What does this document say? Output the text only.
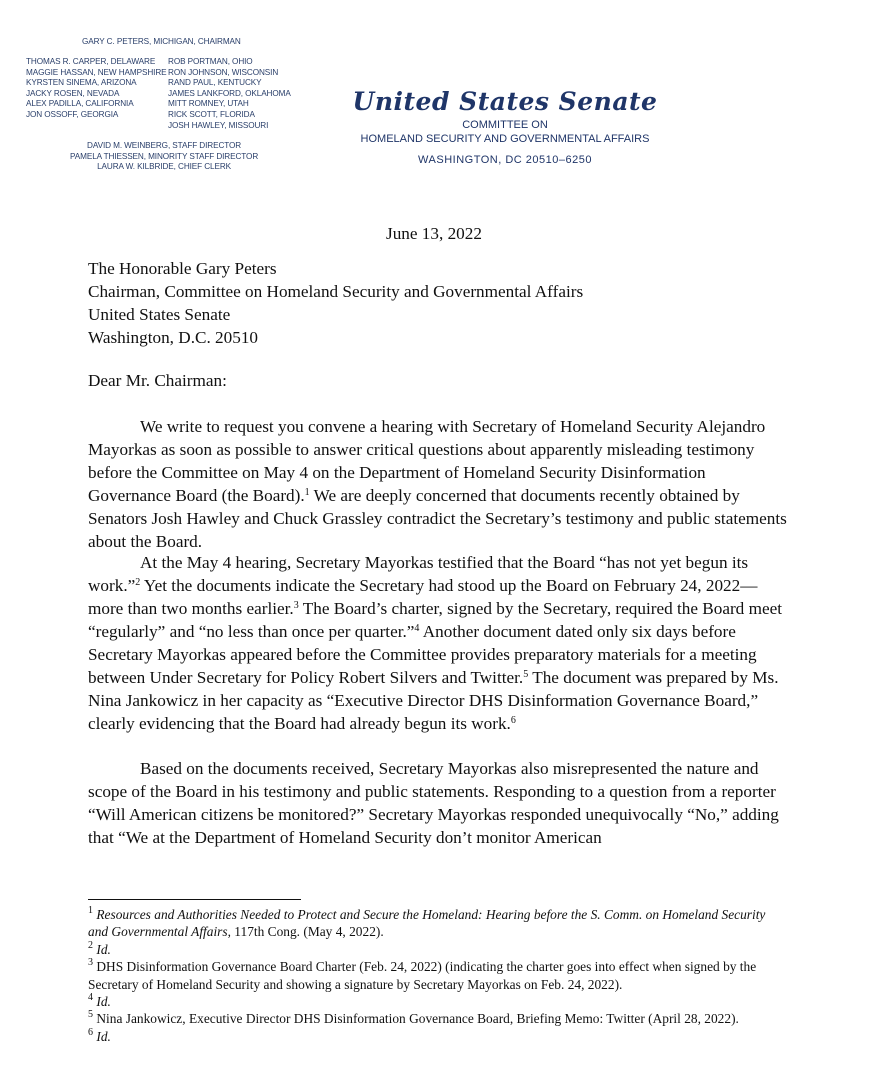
GARY C. PETERS, MICHIGAN, CHAIRMAN
THOMAS R. CARPER, DELAWARE
MAGGIE HASSAN, NEW HAMPSHIRE
KYRSTEN SINEMA, ARIZONA
JACKY ROSEN, NEVADA
ALEX PADILLA, CALIFORNIA
JON OSSOFF, GEORGIA
ROB PORTMAN, OHIO
RON JOHNSON, WISCONSIN
RAND PAUL, KENTUCKY
JAMES LANKFORD, OKLAHOMA
MITT ROMNEY, UTAH
RICK SCOTT, FLORIDA
JOSH HAWLEY, MISSOURI
DAVID M. WEINBERG, STAFF DIRECTOR
PAMELA THIESSEN, MINORITY STAFF DIRECTOR
LAURA W. KILBRIDE, CHIEF CLERK
United States Senate
COMMITTEE ON
HOMELAND SECURITY AND GOVERNMENTAL AFFAIRS
WASHINGTON, DC 20510–6250
June 13, 2022

The Honorable Gary Peters

Chairman, Committee on Homeland Security and Governmental Affairs

United States Senate

Washington, D.C. 20510

Dear Mr. Chairman:
We write to request you convene a hearing with Secretary of Homeland Security Alejandro Mayorkas as soon as possible to answer critical questions about apparently misleading testimony before the Committee on May 4 on the Department of Homeland Security Disinformation Governance Board (the Board).$^1$ We are deeply concerned that documents recently obtained by Senators Josh Hawley and Chuck Grassley contradict the Secretary’s testimony and public statements about the Board.
At the May 4 hearing, Secretary Mayorkas testified that the Board “has not yet begun its work.”$^2$ Yet the documents indicate the Secretary had stood up the Board on February 24, 2022—more than two months earlier.$^3$ The Board’s charter, signed by the Secretary, required the Board meet “regularly” and “no less than once per quarter.”$^4$ Another document dated only six days before Secretary Mayorkas appeared before the Committee provides preparatory materials for a meeting between Under Secretary for Policy Robert Silvers and Twitter.$^5$ The document was prepared by Ms. Nina Jankowicz in her capacity as “Executive Director DHS Disinformation Governance Board,” clearly evidencing that the Board had already begun its work.$^6$
Based on the documents received, Secretary Mayorkas also misrepresented the nature and scope of the Board in his testimony and public statements. Responding to a question from a reporter “Will American citizens be monitored?” Secretary Mayorkas responded unequivocally “No,” adding that “We at the Department of Homeland Security don’t monitor American

$^1$ Resources and Authorities Needed to Protect and Secure the Homeland: Hearing before the S. Comm. on Homeland Security and Governmental Affairs, 117th Cong. (May 4, 2022).

$^2$ Id.

$^3$ DHS Disinformation Governance Board Charter (Feb. 24, 2022) (indicating the charter goes into effect when signed by the Secretary of Homeland Security and showing a signature by Secretary Mayorkas on Feb. 24, 2022).

$^4$ Id.

$^5$ Nina Jankowicz, Executive Director DHS Disinformation Governance Board, Briefing Memo: Twitter (April 28, 2022).

$^6$ Id.
